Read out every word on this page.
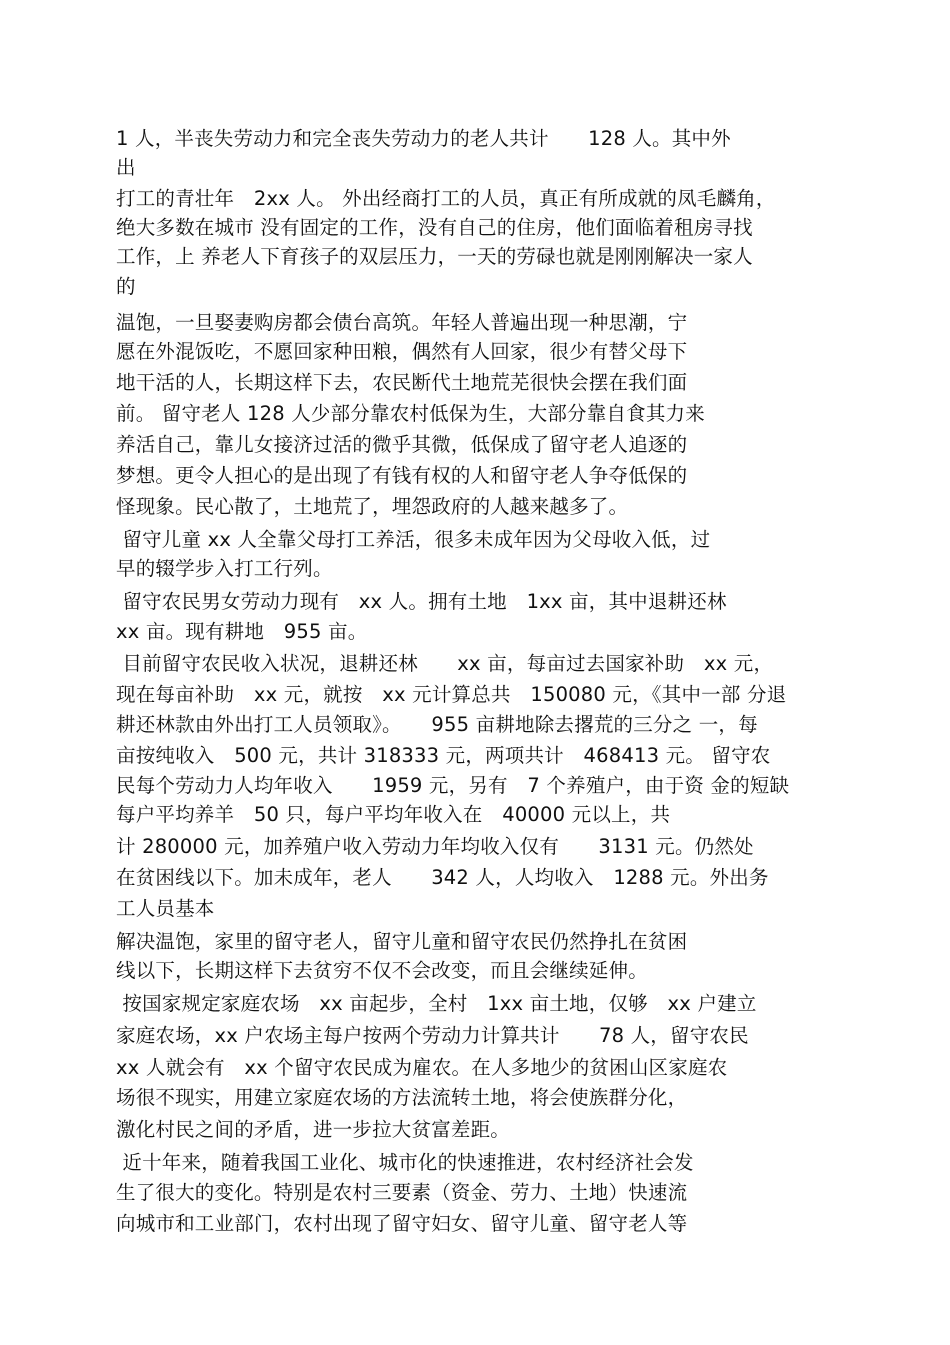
1 人，半丧失劳动力和完全丧失劳动力的老人共计　　128 人。其中外
出
打工的青壮年　2xx 人。 外出经商打工的人员，真正有所成就的凤毛麟角，
绝大多数在城市 没有固定的工作，没有自己的住房，他们面临着租房寻找
工作，上 养老人下育孩子的双层压力，一天的劳碌也就是刚刚解决一家人
的
温饱，一旦娶妻购房都会债台高筑。年轻人普遍出现一种思潮，宁
愿在外混饭吃，不愿回家种田粮，偶然有人回家，很少有替父母下
地干活的人，长期这样下去，农民断代土地荒芜很快会摆在我们面
前。 留守老人 128 人少部分靠农村低保为生，大部分靠自食其力来
养活自己，靠儿女接济过活的微乎其微，低保成了留守老人追逐的
梦想。更令人担心的是出现了有钱有权的人和留守老人争夺低保的
怪现象。民心散了，土地荒了，埋怨政府的人越来越多了。
留守儿童 xx 人全靠父母打工养活，很多未成年因为父母收入低，过
早的辍学步入打工行列。
留守农民男女劳动力现有　xx 人。拥有土地　1xx 亩，其中退耕还林
xx 亩。现有耕地　955 亩。
目前留守农民收入状况，退耕还林　　xx 亩，每亩过去国家补助　xx 元，
现在每亩补助　xx 元，就按　xx 元计算总共　150080 元，《其中一部 分退
耕还林款由外出打工人员领取》。　　955 亩耕地除去撂荒的三分之 一，每
亩按纯收入　500 元，共计 318333 元，两项共计　468413 元。 留守农
民每个劳动力人均年收入　　1959 元，另有　7 个养殖户，由于资 金的短缺
每户平均养羊　50 只，每户平均年收入在　40000 元以上，共
计 280000 元，加养殖户收入劳动力年均收入仅有　　3131 元。仍然处
在贫困线以下。加未成年，老人　　342 人，人均收入　1288 元。外出务
工人员基本
解决温饱，家里的留守老人，留守儿童和留守农民仍然挣扎在贫困
线以下，长期这样下去贫穷不仅不会改变，而且会继续延伸。
按国家规定家庭农场　xx 亩起步，全村　1xx 亩土地，仅够　xx 户建立
家庭农场，xx 户农场主每户按两个劳动力计算共计　　78 人，留守农民
xx 人就会有　xx 个留守农民成为雇农。在人多地少的贫困山区家庭农
场很不现实，用建立家庭农场的方法流转土地，将会使族群分化，
激化村民之间的矛盾，进一步拉大贫富差距。
近十年来，随着我国工业化、城市化的快速推进，农村经济社会发
生了很大的变化。特别是农村三要素（资金、劳力、土地）快速流
向城市和工业部门，农村出现了留守妇女、留守儿童、留守老人等
